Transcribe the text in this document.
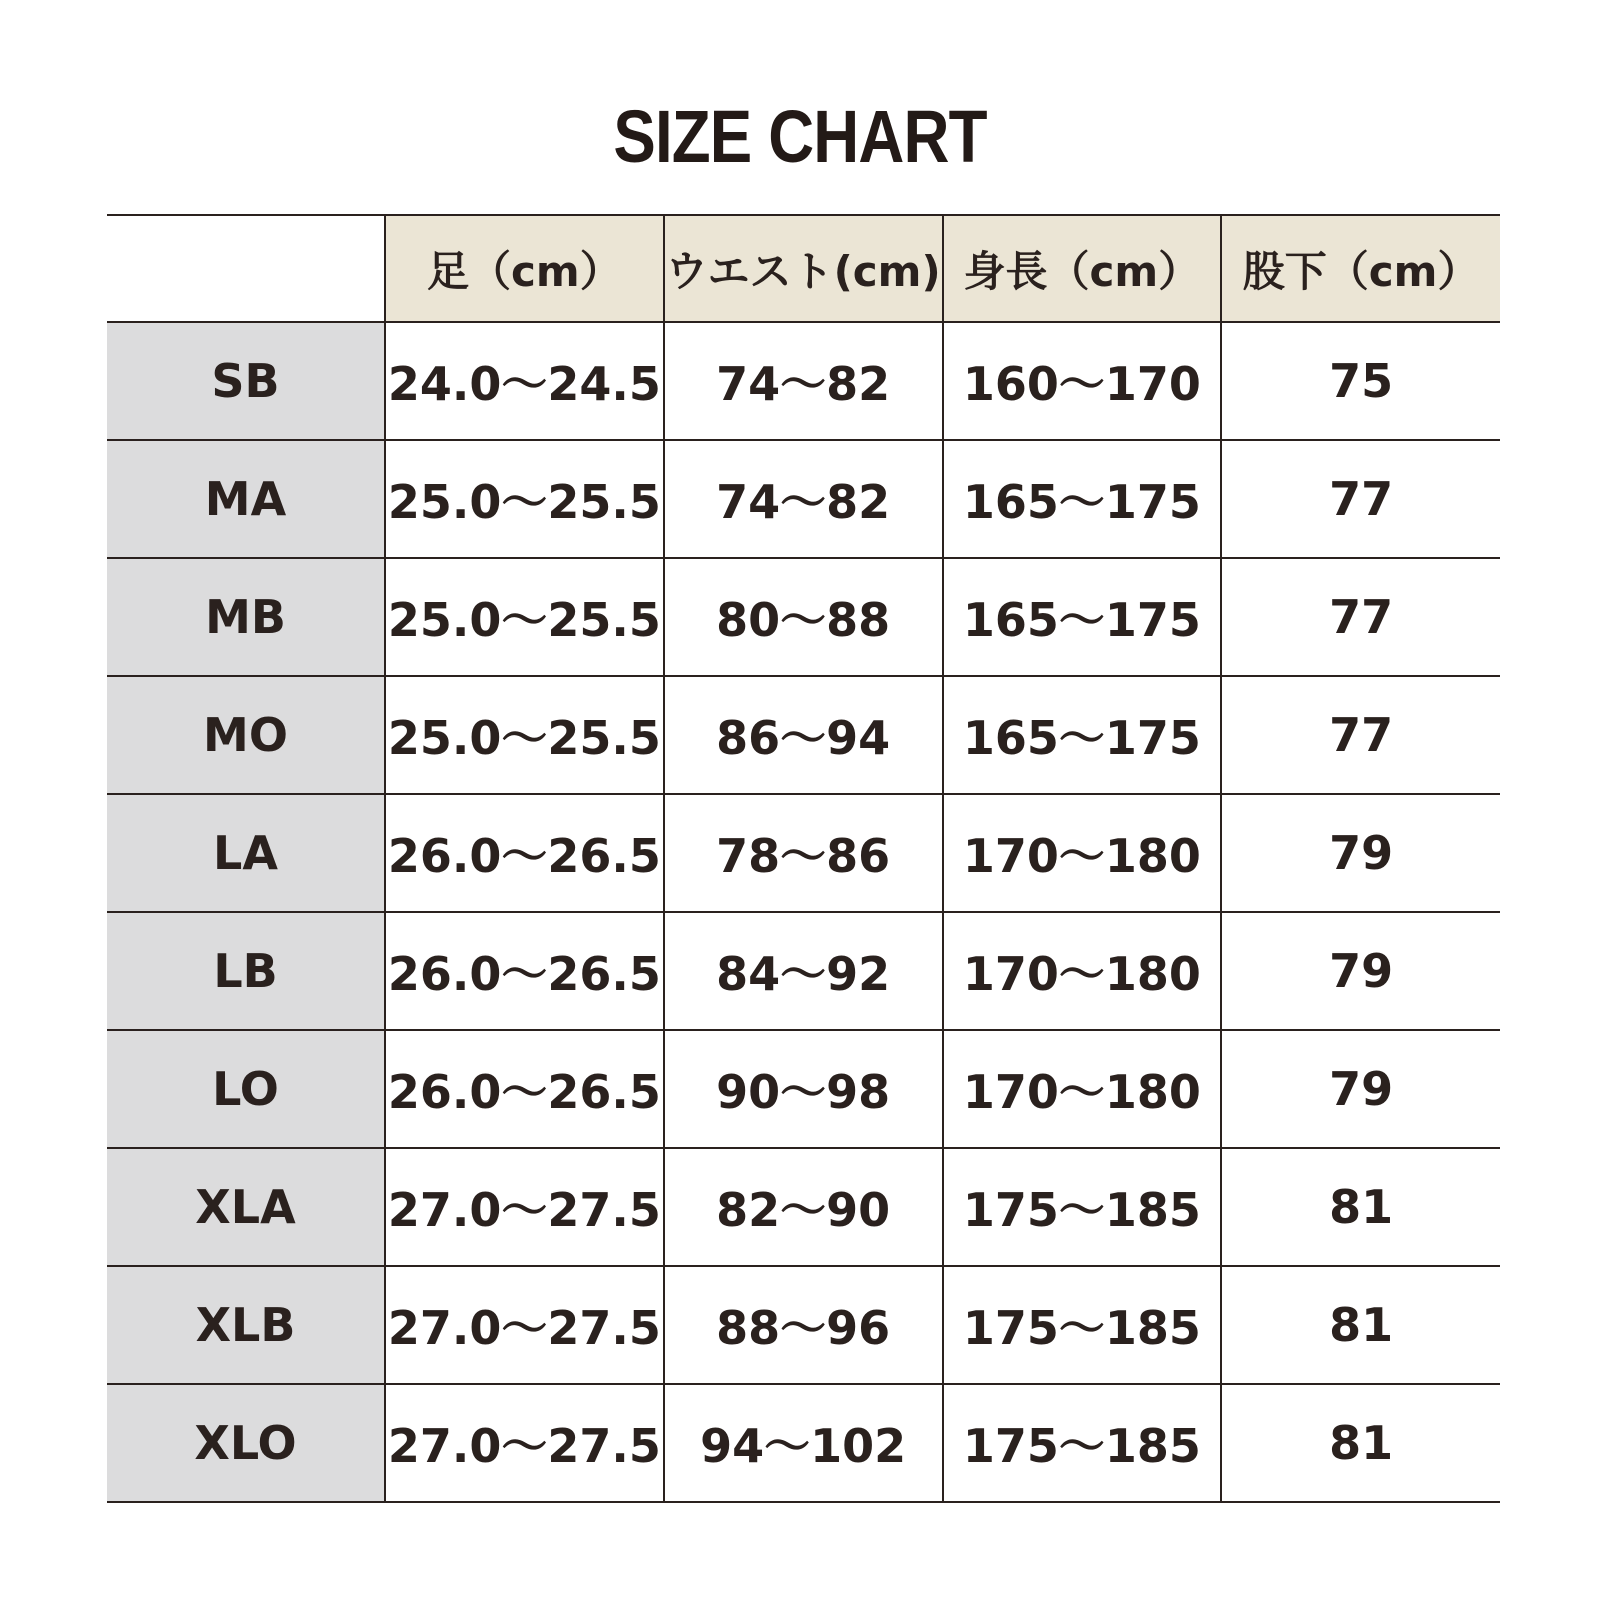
SIZE CHART
	足（cm）	ウエスト(cm)	身長（cm）	股下（cm）
SB	24.0〜24.5	74〜82	160〜170	75
MA	25.0〜25.5	74〜82	165〜175	77
MB	25.0〜25.5	80〜88	165〜175	77
MO	25.0〜25.5	86〜94	165〜175	77
LA	26.0〜26.5	78〜86	170〜180	79
LB	26.0〜26.5	84〜92	170〜180	79
LO	26.0〜26.5	90〜98	170〜180	79
XLA	27.0〜27.5	82〜90	175〜185	81
XLB	27.0〜27.5	88〜96	175〜185	81
XLO	27.0〜27.5	94〜102	175〜185	81
